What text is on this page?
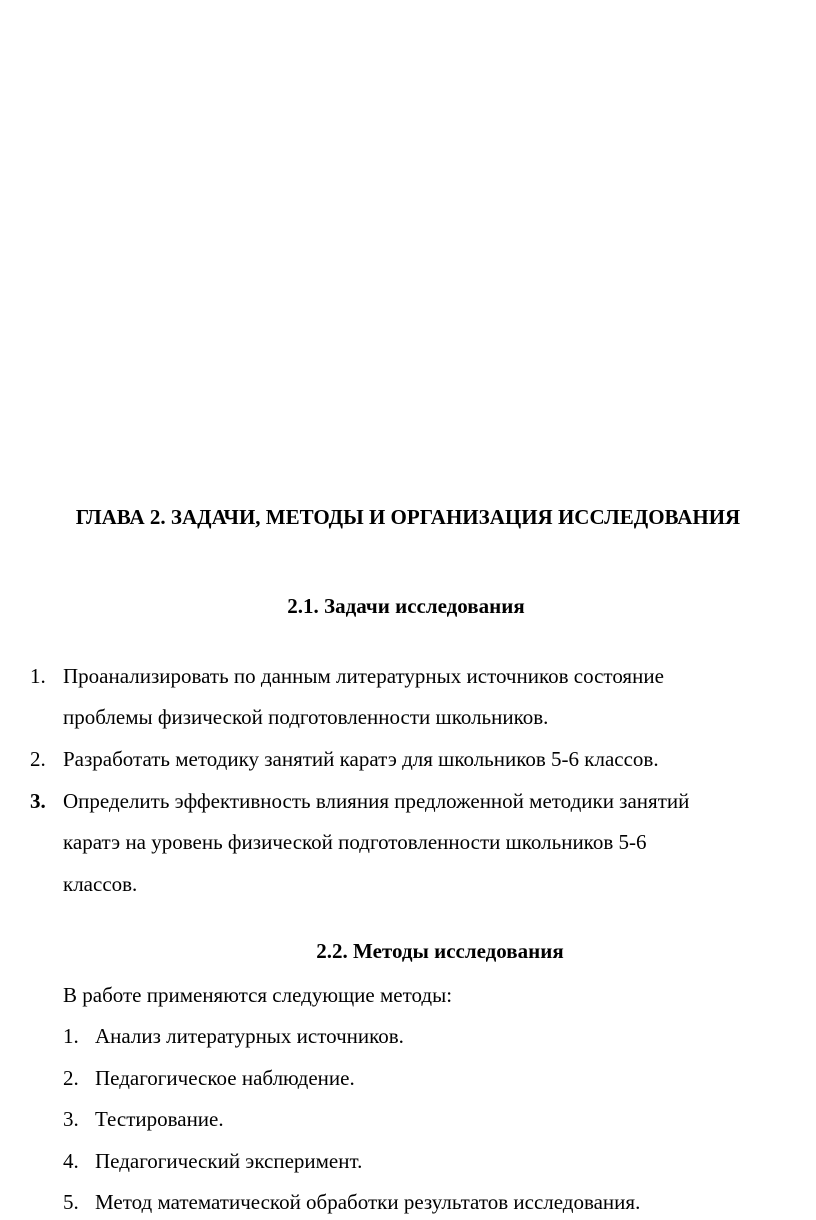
ГЛАВА 2. ЗАДАЧИ, МЕТОДЫ И ОРГАНИЗАЦИЯ ИССЛЕДОВАНИЯ
2.1. Задачи исследования
1. Проанализировать по данным литературных источников состояние
проблемы физической подготовленности школьников.
2. Разработать методику занятий каратэ для школьников 5-6 классов.
3. Определить эффективность влияния предложенной методики занятий
каратэ на уровень физической подготовленности школьников 5-6
классов.
2.2. Методы исследования
В работе применяются следующие методы:
1. Анализ литературных источников.
2. Педагогическое наблюдение.
3. Тестирование.
4. Педагогический эксперимент.
5. Метод математической обработки результатов исследования.
